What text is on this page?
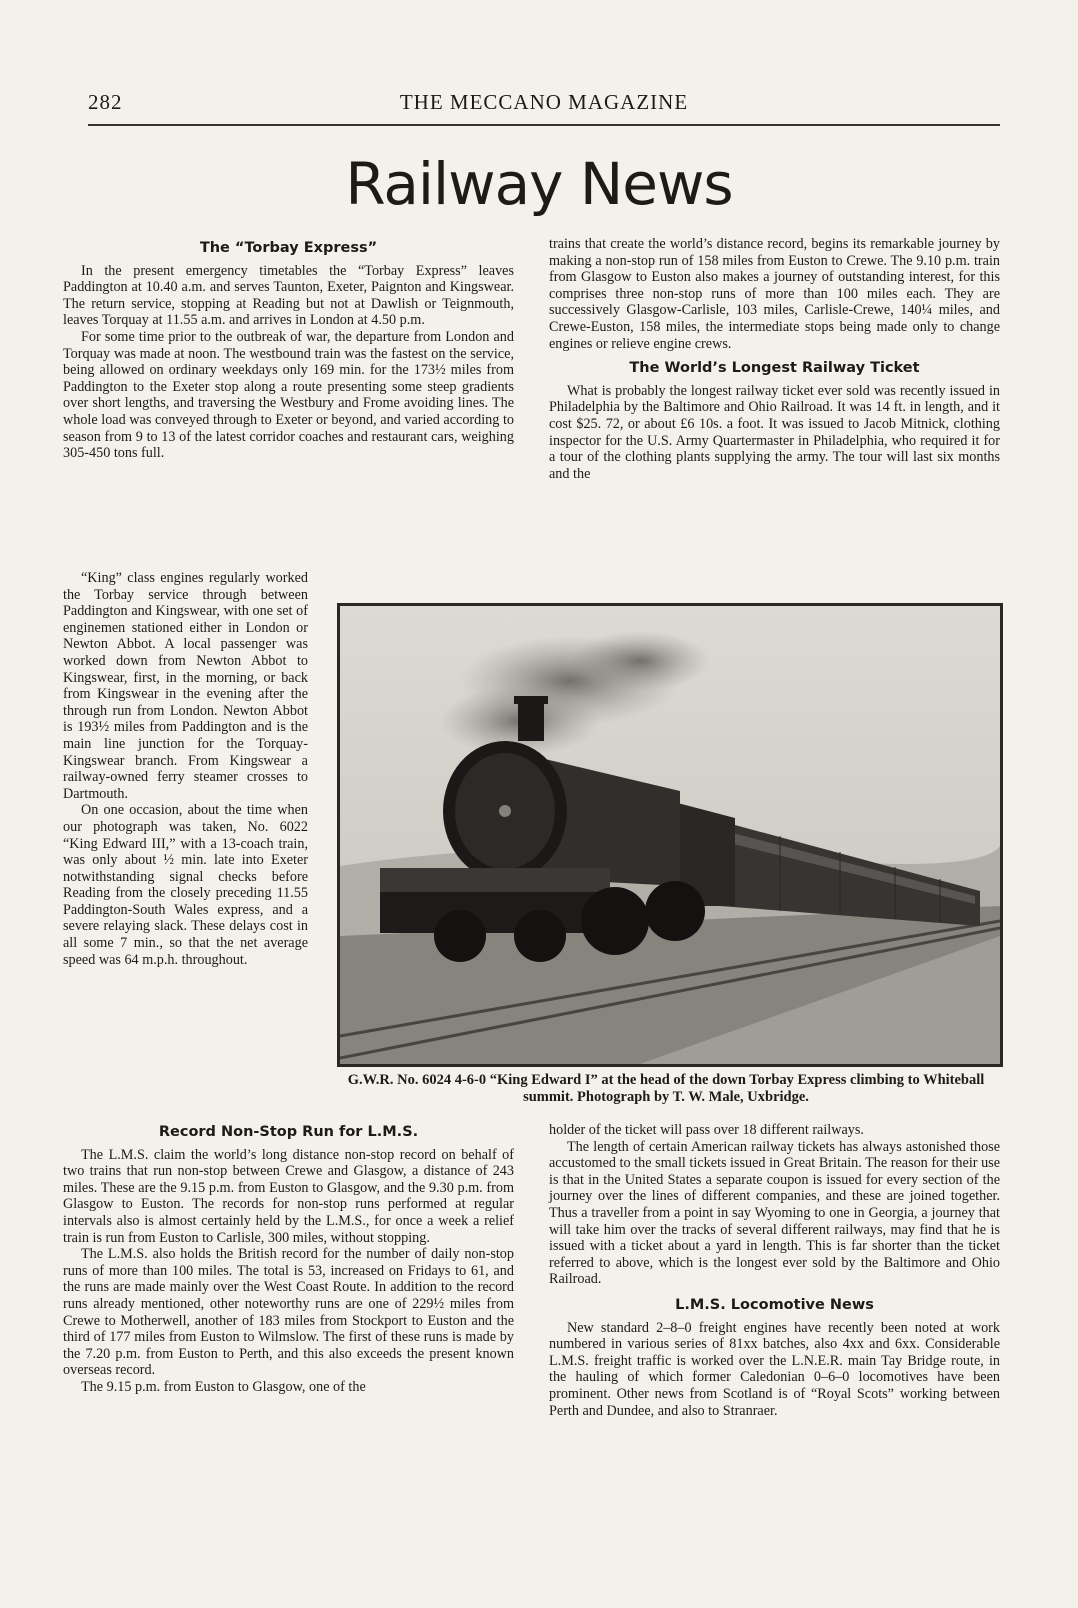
282	THE MECCANO MAGAZINE
Railway News
The “Torbay Express”

In the present emergency timetables the “Torbay Express” leaves Paddington at 10.40 a.m. and serves Taunton, Exeter, Paignton and Kingswear. The return service, stopping at Reading but not at Dawlish or Teignmouth, leaves Torquay at 11.55 a.m. and arrives in London at 4.50 p.m.

For some time prior to the outbreak of war, the departure from London and Torquay was made at noon. The westbound train was the fastest on the service, being allowed on ordinary weekdays only 169 min. for the 173½ miles from Paddington to the Exeter stop along a route presenting some steep gradients over short lengths, and traversing the Westbury and Frome avoiding lines. The whole load was conveyed through to Exeter or beyond, and varied according to season from 9 to 13 of the latest corridor coaches and restaurant cars, weighing 305-450 tons full.

“King” class engines regularly worked the Torbay service through between Paddington and Kingswear, with one set of enginemen stationed either in London or Newton Abbot. A local passenger was worked down from Newton Abbot to Kingswear, first, in the morning, or back from Kingswear in the evening after the through run from London. Newton Abbot is 193½ miles from Paddington and is the main line junction for the Torquay-Kingswear branch. From Kingswear a railway-owned ferry steamer crosses to Dartmouth.

On one occasion, about the time when our photograph was taken, No. 6022 “King Edward III,” with a 13-coach train, was only about ½ min. late into Exeter notwithstanding signal checks before Reading from the closely preceding 11.55 Paddington-South Wales express, and a severe relaying slack. These delays cost in all some 7 min., so that the net average speed was 64 m.p.h. throughout.

Record Non-Stop Run for L.M.S.

The L.M.S. claim the world’s long distance non-stop record on behalf of two trains that run non-stop between Crewe and Glasgow, a distance of 243 miles. These are the 9.15 p.m. from Euston to Glasgow, and the 9.30 p.m. from Glasgow to Euston. The records for non-stop runs performed at regular intervals also is almost certainly held by the L.M.S., for once a week a relief train is run from Euston to Carlisle, 300 miles, without stopping.

The L.M.S. also holds the British record for the number of daily non-stop runs of more than 100 miles. The total is 53, increased on Fridays to 61, and the runs are made mainly over the West Coast Route. In addition to the record runs already mentioned, other noteworthy runs are one of 229½ miles from Crewe to Motherwell, another of 183 miles from Stockport to Euston and the third of 177 miles from Euston to Wilmslow. The first of these runs is made by the 7.20 p.m. from Euston to Perth, and this also exceeds the present known overseas record.

The 9.15 p.m. from Euston to Glasgow, one of the

trains that create the world’s distance record, begins its remarkable journey by making a non-stop run of 158 miles from Euston to Crewe. The 9.10 p.m. train from Glasgow to Euston also makes a journey of outstanding interest, for this comprises three non-stop runs of more than 100 miles each. They are successively Glasgow-Carlisle, 103 miles, Carlisle-Crewe, 140¼ miles, and Crewe-Euston, 158 miles, the intermediate stops being made only to change engines or relieve engine crews.

The World’s Longest Railway Ticket

What is probably the longest railway ticket ever sold was recently issued in Philadelphia by the Baltimore and Ohio Railroad. It was 14 ft. in length, and it cost $25. 72, or about £6 10s. a foot. It was issued to Jacob Mitnick, clothing inspector for the U.S. Army Quartermaster in Philadelphia, who required it for a tour of the clothing plants supplying the army. The tour will last six months and the

holder of the ticket will pass over 18 different railways.

The length of certain American railway tickets has always astonished those accustomed to the small tickets issued in Great Britain. The reason for their use is that in the United States a separate coupon is issued for every section of the journey over the lines of different companies, and these are joined together. Thus a traveller from a point in say Wyoming to one in Georgia, a journey that will take him over the tracks of several different railways, may find that he is issued with a ticket about a yard in length. This is far shorter than the ticket referred to above, which is the longest ever sold by the Baltimore and Ohio Railroad.

L.M.S. Locomotive News

New standard 2–8–0 freight engines have recently been noted at work numbered in various series of 81xx batches, also 4xx and 6xx. Considerable L.M.S. freight traffic is worked over the L.N.E.R. main Tay Bridge route, in the hauling of which former Caledonian 0–6–0 locomotives have been prominent. Other news from Scotland is of “Royal Scots” working between Perth and Dundee, and also to Stranraer.

G.W.R. No. 6024 4-6-0 “King Edward I” at the head of the down Torbay Express climbing to Whiteball summit. Photograph by T. W. Male, Uxbridge.
